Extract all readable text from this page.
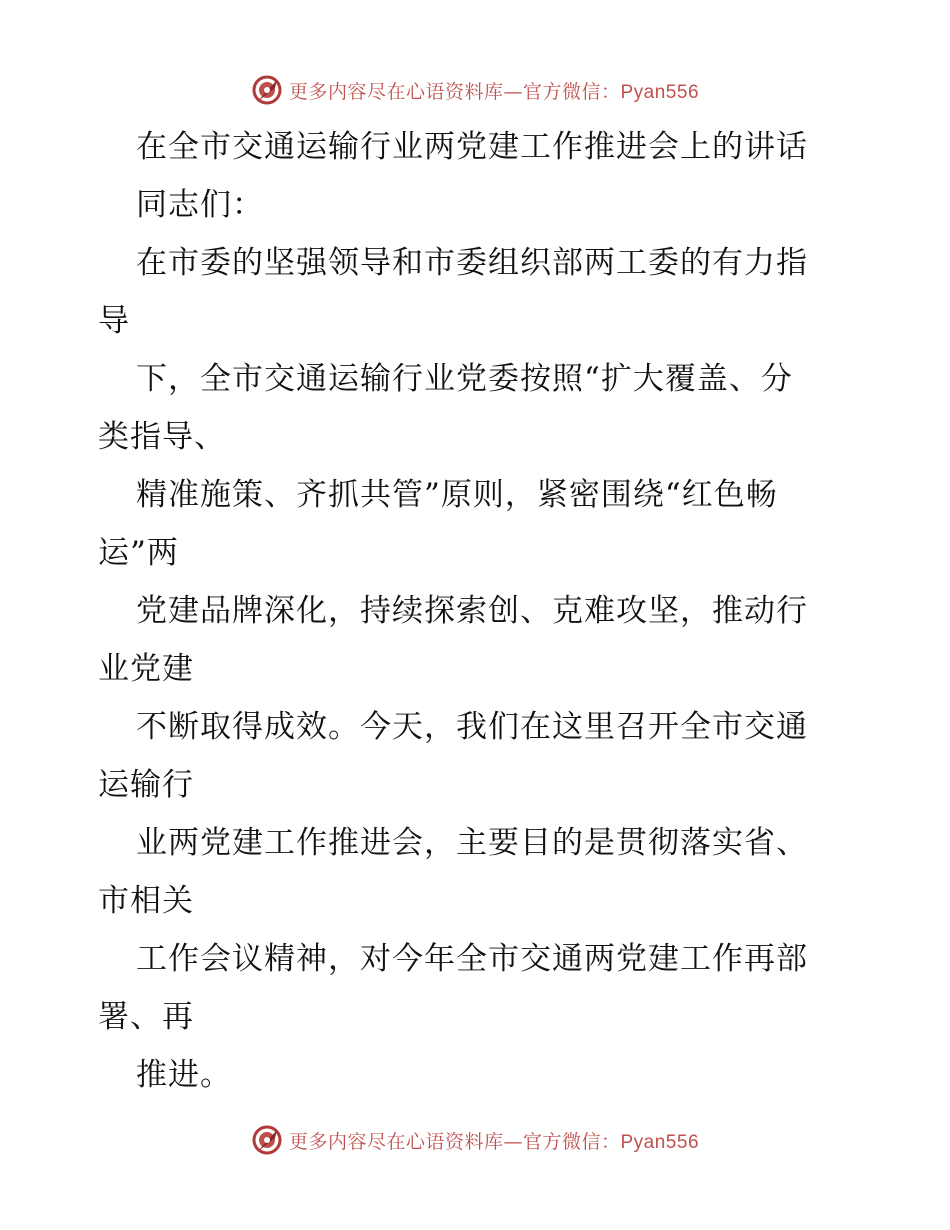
更多内容尽在心语资料库—官方微信：Pyan556
在全市交通运输行业两党建工作推进会上的讲话
同志们：
在市委的坚强领导和市委组织部两工委的有力指
导
下，全市交通运输行业党委按照“扩大覆盖、分
类指导、
精准施策、齐抓共管”原则，紧密围绕“红色畅
运”两
党建品牌深化，持续探索创、克难攻坚，推动行
业党建
不断取得成效。今天，我们在这里召开全市交通
运输行
业两党建工作推进会，主要目的是贯彻落实省、
市相关
工作会议精神，对今年全市交通两党建工作再部
署、再
推进。
更多内容尽在心语资料库—官方微信：Pyan556
